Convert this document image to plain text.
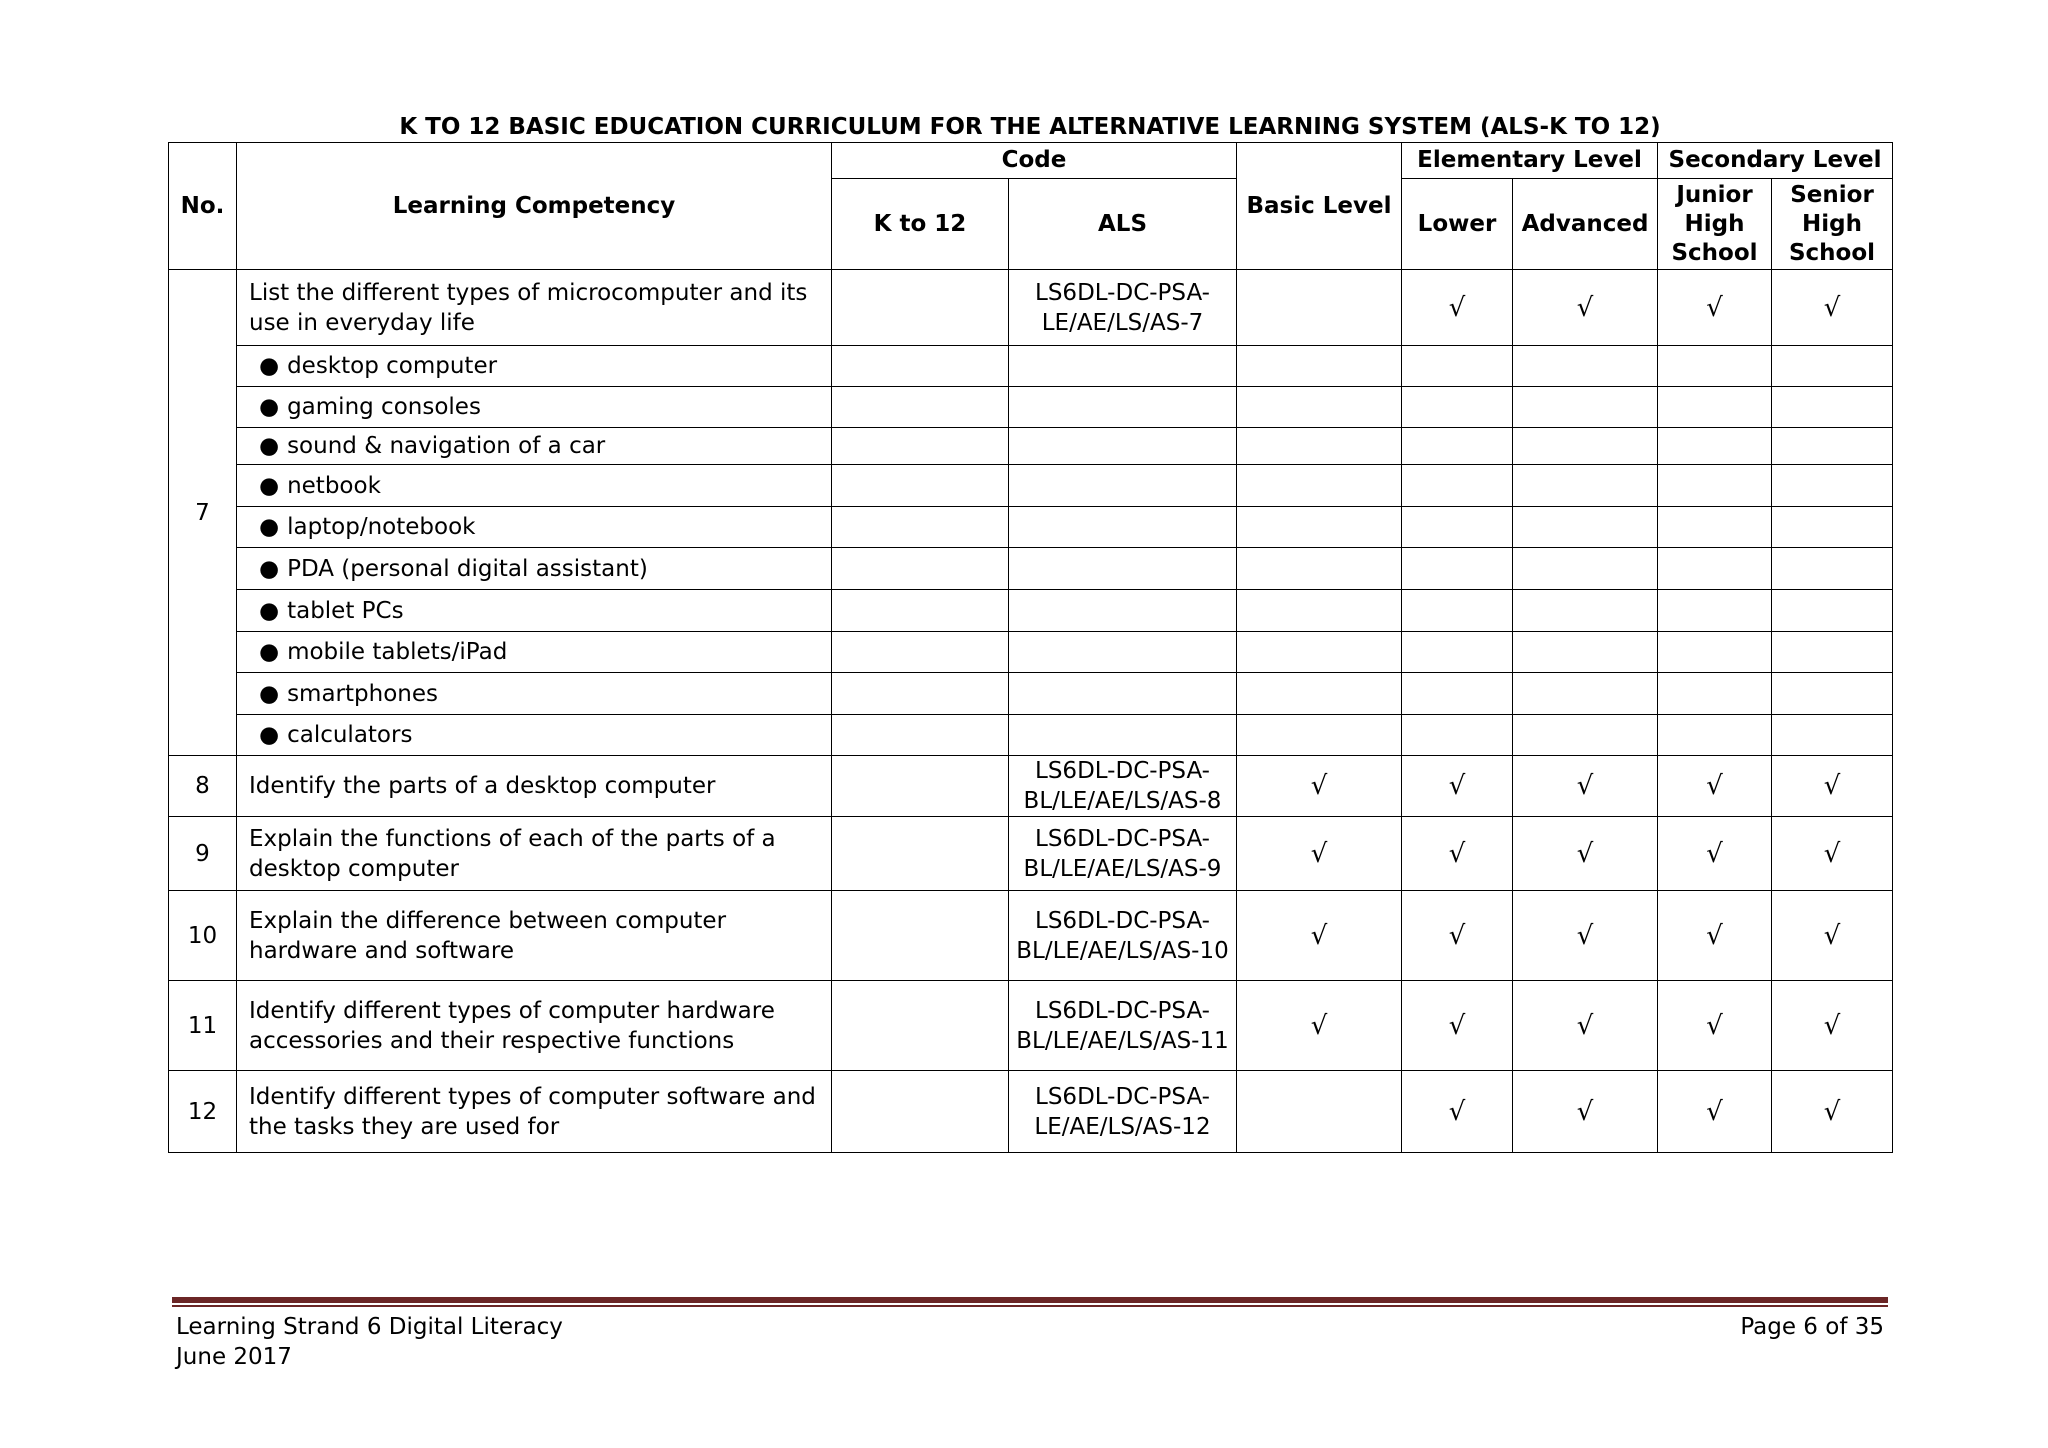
K TO 12 BASIC EDUCATION CURRICULUM FOR THE ALTERNATIVE LEARNING SYSTEM (ALS-K TO 12)
No.	Learning Competency	Code		Basic Level	Elementary Level		Secondary Level	
		K to 12	ALS		Lower	Advanced	Junior High School	Senior High School
7	List the different types of microcomputer and its use in everyday life		LS6DL-DC-PSA-LE/AE/LS/AS-7		√	√	√	√
	● desktop computer							
	● gaming consoles							
	● sound & navigation of a car							
	● netbook							
	● laptop/notebook							
	● PDA (personal digital assistant)							
	● tablet PCs							
	● mobile tablets/iPad							
	● smartphones							
	● calculators							
8	Identify the parts of a desktop computer		LS6DL-DC-PSA-BL/LE/AE/LS/AS-8	√	√	√	√	√
9	Explain the functions of each of the parts of a desktop computer		LS6DL-DC-PSA-BL/LE/AE/LS/AS-9	√	√	√	√	√
10	Explain the difference between computer hardware and software		LS6DL-DC-PSA-BL/LE/AE/LS/AS-10	√	√	√	√	√
11	Identify different types of computer hardware accessories and their respective functions		LS6DL-DC-PSA-BL/LE/AE/LS/AS-11	√	√	√	√	√
12	Identify different types of computer software and the tasks they are used for		LS6DL-DC-PSA-LE/AE/LS/AS-12		√	√	√	√
Learning Strand 6 Digital Literacy
June 2017
Page 6 of 35
